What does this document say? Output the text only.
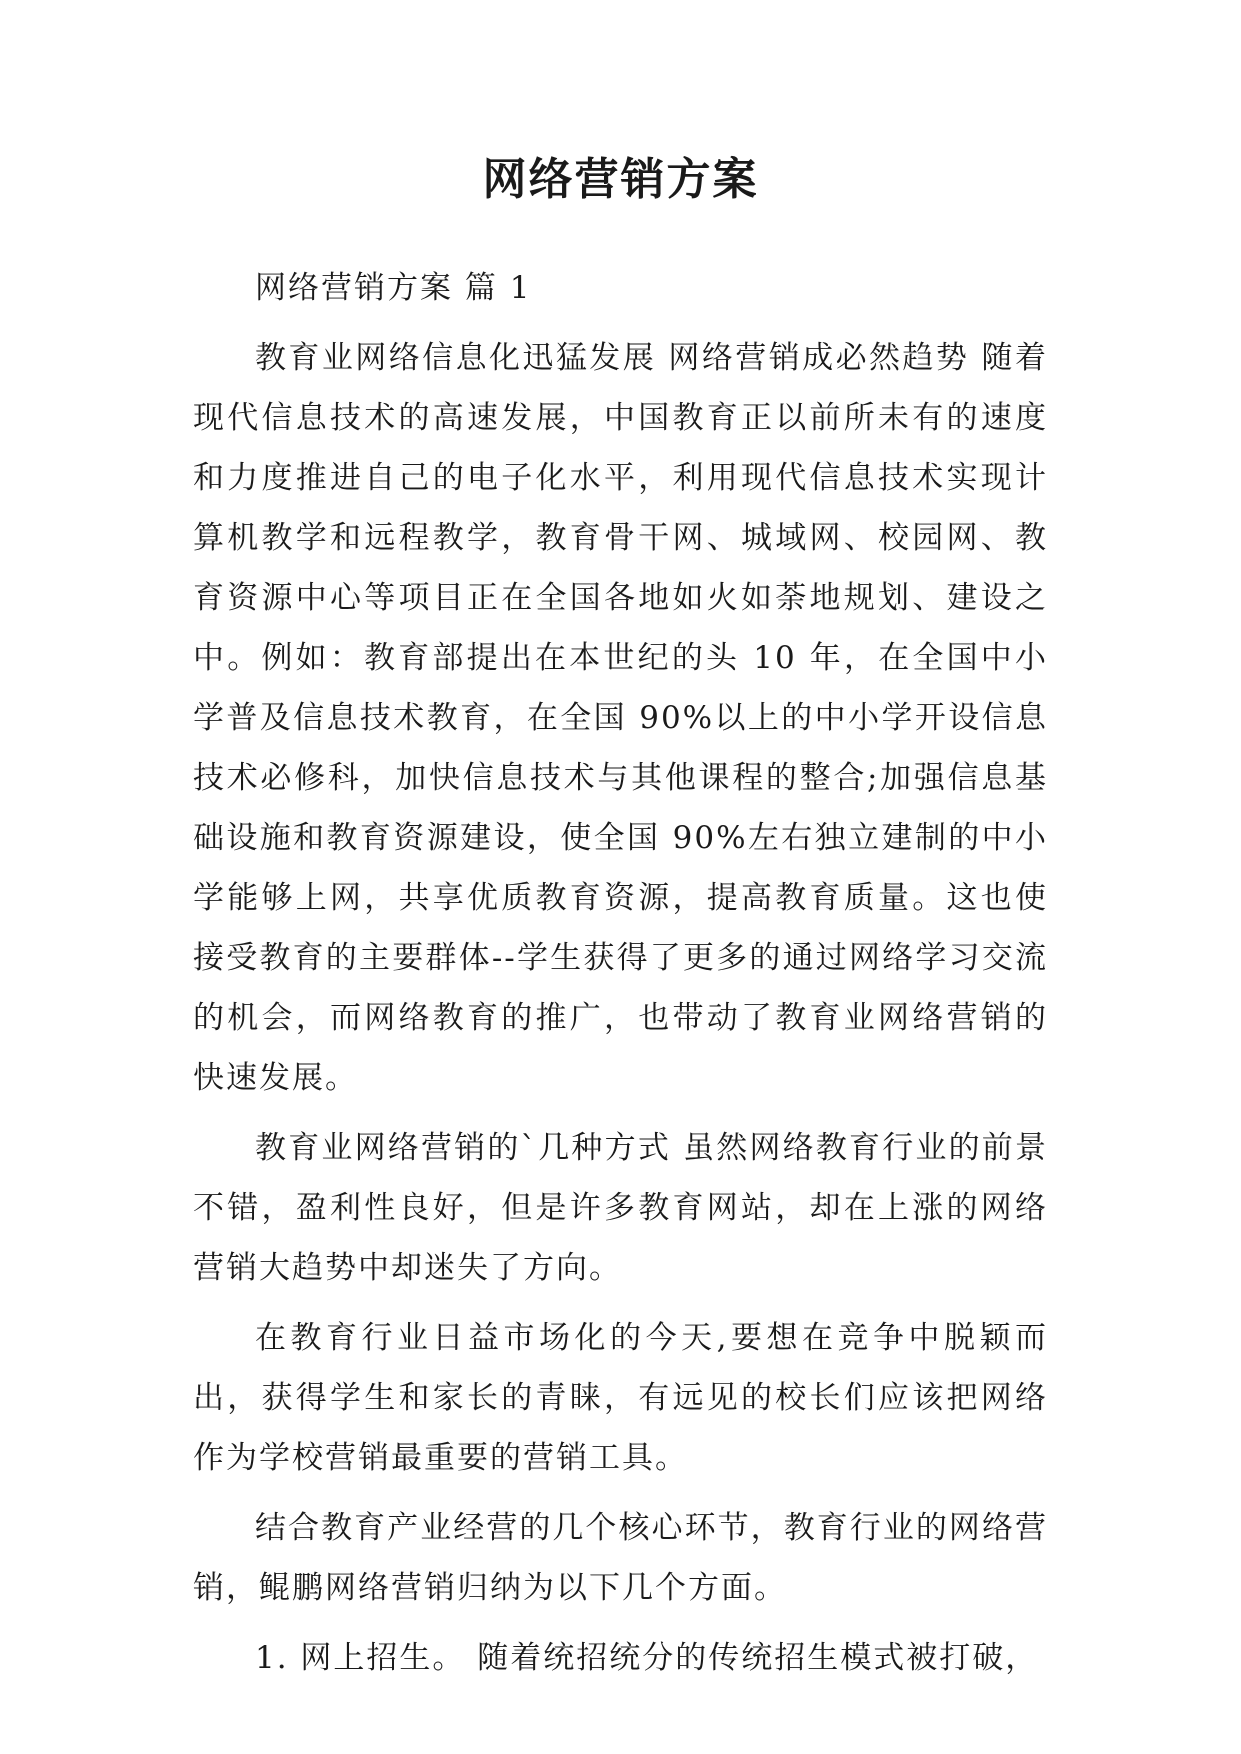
网络营销方案

网络营销方案 篇 1

教育业网络信息化迅猛发展 网络营销成必然趋势 随着现代信息技术的高速发展，中国教育正以前所未有的速度和力度推进自己的电子化水平，利用现代信息技术实现计算机教学和远程教学，教育骨干网、城域网、校园网、教育资源中心等项目正在全国各地如火如荼地规划、建设之中。例如：教育部提出在本世纪的头 10 年，在全国中小学普及信息技术教育，在全国 90%以上的中小学开设信息技术必修科，加快信息技术与其他课程的整合;加强信息基础设施和教育资源建设，使全国 90%左右独立建制的中小学能够上网，共享优质教育资源，提高教育质量。这也使接受教育的主要群体--学生获得了更多的通过网络学习交流的机会，而网络教育的推广，也带动了教育业网络营销的快速发展。

教育业网络营销的`几种方式 虽然网络教育行业的前景不错，盈利性良好，但是许多教育网站，却在上涨的网络营销大趋势中却迷失了方向。

在教育行业日益市场化的今天,要想在竞争中脱颖而出，获得学生和家长的青睐，有远见的校长们应该把网络作为学校营销最重要的营销工具。

结合教育产业经营的几个核心环节，教育行业的网络营销，鲲鹏网络营销归纳为以下几个方面。

1. 网上招生。 随着统招统分的传统招生模式被打破，
